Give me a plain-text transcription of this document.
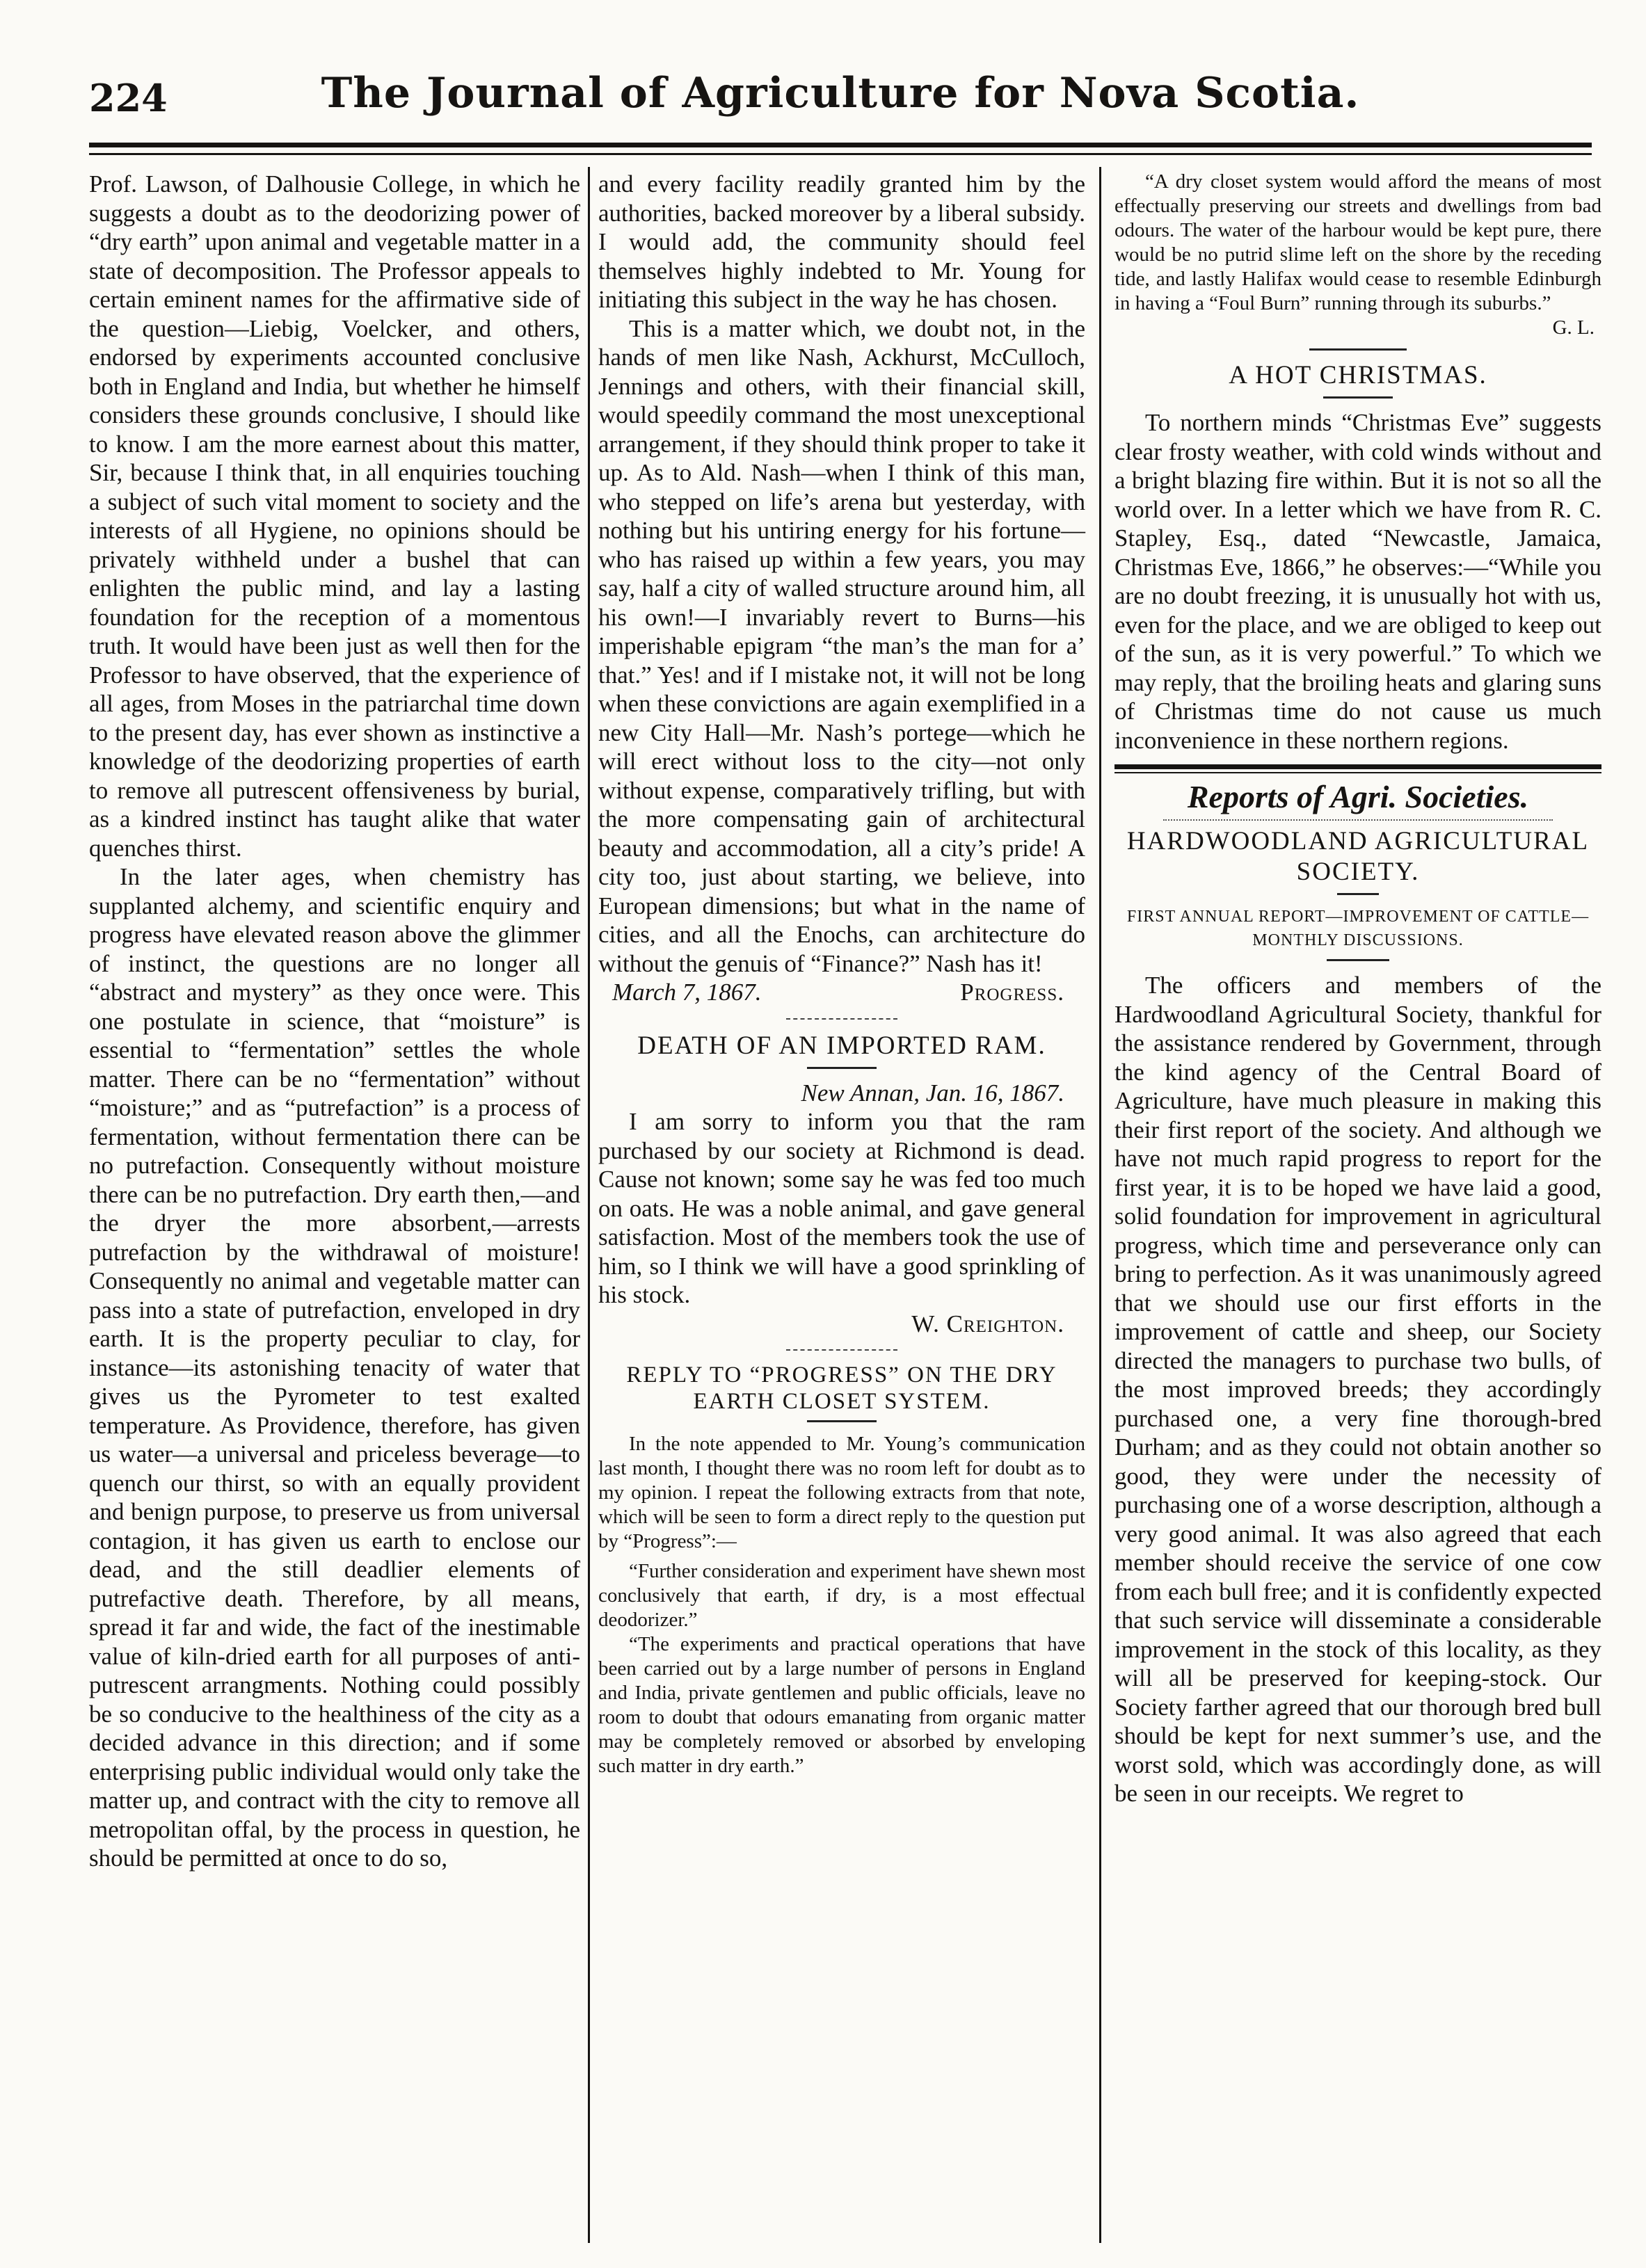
224	The Journal of Agriculture for Nova Scotia.

Prof. Lawson, of Dalhousie College, in which he suggests a doubt as to the deodorizing power of “dry earth” upon animal and vegetable matter in a state of decomposition. The Professor appeals to certain eminent names for the affirmative side of the question—Liebig, Voelcker, and others, endorsed by experiments accounted conclusive both in England and India, but whether he himself considers these grounds conclusive, I should like to know. I am the more earnest about this matter, Sir, because I think that, in all enquiries touching a subject of such vital moment to society and the interests of all Hygiene, no opinions should be privately withheld under a bushel that can enlighten the public mind, and lay a lasting foundation for the reception of a momentous truth. It would have been just as well then for the Professor to have observed, that the experience of all ages, from Moses in the patriarchal time down to the present day, has ever shown as instinctive a knowledge of the deodorizing properties of earth to remove all putrescent offensiveness by burial, as a kindred instinct has taught alike that water quenches thirst.

In the later ages, when chemistry has supplanted alchemy, and scientific enquiry and progress have elevated reason above the glimmer of instinct, the questions are no longer all “abstract and mystery” as they once were. This one postulate in science, that “moisture” is essential to “fermentation” settles the whole matter. There can be no “fermentation” without “moisture;” and as “putrefaction” is a process of fermentation, without fermentation there can be no putrefaction. Consequently without moisture there can be no putrefaction. Dry earth then,—and the dryer the more absorbent,—arrests putrefaction by the withdrawal of moisture! Consequently no animal and vegetable matter can pass into a state of putrefaction, enveloped in dry earth. It is the property peculiar to clay, for instance—its astonishing tenacity of water that gives us the Pyrometer to test exalted temperature. As Providence, therefore, has given us water—a universal and priceless beverage—to quench our thirst, so with an equally provident and benign purpose, to preserve us from universal contagion, it has given us earth to enclose our dead, and the still deadlier elements of putrefactive death. Therefore, by all means, spread it far and wide, the fact of the inestimable value of kiln-dried earth for all purposes of anti-putrescent arrangments. Nothing could possibly be so conducive to the healthiness of the city as a decided advance in this direction; and if some enterprising public individual would only take the matter up, and contract with the city to remove all metropolitan offal, by the process in question, he should be permitted at once to do so,

and every facility readily granted him by the authorities, backed moreover by a liberal subsidy. I would add, the community should feel themselves highly indebted to Mr. Young for initiating this subject in the way he has chosen.

This is a matter which, we doubt not, in the hands of men like Nash, Ackhurst, McCulloch, Jennings and others, with their financial skill, would speedily command the most unexceptional arrangement, if they should think proper to take it up. As to Ald. Nash—when I think of this man, who stepped on life’s arena but yesterday, with nothing but his untiring energy for his fortune—who has raised up within a few years, you may say, half a city of walled structure around him, all his own!—I invariably revert to Burns—his imperishable epigram “the man’s the man for a’ that.” Yes! and if I mistake not, it will not be long when these convictions are again exemplified in a new City Hall—Mr. Nash’s portege—which he will erect without loss to the city—not only without expense, comparatively trifling, but with the more compensating gain of architectural beauty and accommodation, all a city’s pride! A city too, just about starting, we believe, into European dimensions; but what in the name of cities, and all the Enochs, can architecture do without the genuis of “Finance?” Nash has it!

March 7, 1867.	Progress.
DEATH OF AN IMPORTED RAM.

New Annan, Jan. 16, 1867.

I am sorry to inform you that the ram purchased by our society at Richmond is dead. Cause not known; some say he was fed too much on oats. He was a noble animal, and gave general satisfaction. Most of the members took the use of him, so I think we will have a good sprinkling of his stock.

W. Creighton.

REPLY TO “PROGRESS” ON THE DRY EARTH CLOSET SYSTEM.

In the note appended to Mr. Young’s communication last month, I thought there was no room left for doubt as to my opinion. I repeat the following extracts from that note, which will be seen to form a direct reply to the question put by “Progress”:—

“Further consideration and experiment have shewn most conclusively that earth, if dry, is a most effectual deodorizer.”

“The experiments and practical operations that have been carried out by a large number of persons in England and India, private gentlemen and public officials, leave no room to doubt that odours emanating from organic matter may be completely removed or absorbed by enveloping such matter in dry earth.”

“A dry closet system would afford the means of most effectually preserving our streets and dwellings from bad odours. The water of the harbour would be kept pure, there would be no putrid slime left on the shore by the receding tide, and lastly Halifax would cease to resemble Edinburgh in having a “Foul Burn” running through its suburbs.”

G. L.

A HOT CHRISTMAS.

To northern minds “Christmas Eve” suggests clear frosty weather, with cold winds without and a bright blazing fire within. But it is not so all the world over. In a letter which we have from R. C. Stapley, Esq., dated “Newcastle, Jamaica, Christmas Eve, 1866,” he observes:—“While you are no doubt freezing, it is unusually hot with us, even for the place, and we are obliged to keep out of the sun, as it is very powerful.” To which we may reply, that the broiling heats and glaring suns of Christmas time do not cause us much inconvenience in these northern regions.

Reports of Agri. Societies.
HARDWOODLAND AGRICULTURAL SOCIETY.

FIRST ANNUAL REPORT—IMPROVEMENT OF CATTLE—MONTHLY DISCUSSIONS.

The officers and members of the Hardwoodland Agricultural Society, thankful for the assistance rendered by Government, through the kind agency of the Central Board of Agriculture, have much pleasure in making this their first report of the society. And although we have not much rapid progress to report for the first year, it is to be hoped we have laid a good, solid foundation for improvement in agricultural progress, which time and perseverance only can bring to perfection. As it was unanimously agreed that we should use our first efforts in the improvement of cattle and sheep, our Society directed the managers to purchase two bulls, of the most improved breeds; they accordingly purchased one, a very fine thorough-bred Durham; and as they could not obtain another so good, they were under the necessity of purchasing one of a worse description, although a very good animal. It was also agreed that each member should receive the service of one cow from each bull free; and it is confidently expected that such service will disseminate a considerable improvement in the stock of this locality, as they will all be preserved for keeping-stock. Our Society farther agreed that our thorough bred bull should be kept for next summer’s use, and the worst sold, which was accordingly done, as will be seen in our receipts. We regret to
